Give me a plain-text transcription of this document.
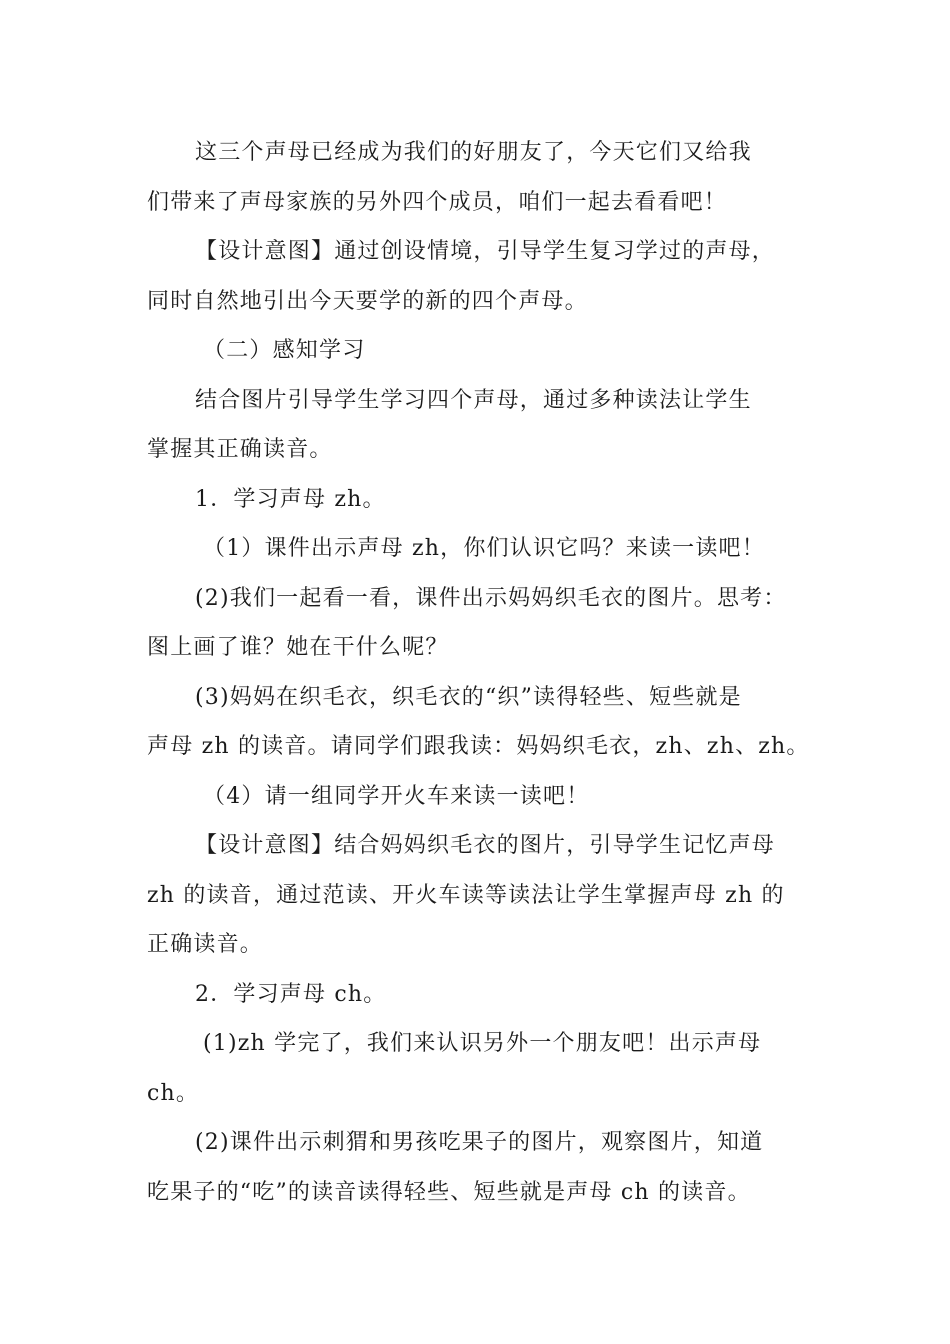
这三个声母已经成为我们的好朋友了，今天它们又给我
们带来了声母家族的另外四个成员，咱们一起去看看吧！
【设计意图】通过创设情境，引导学生复习学过的声母，
同时自然地引出今天要学的新的四个声母。
（二）感知学习
结合图片引导学生学习四个声母，通过多种读法让学生
掌握其正确读音。
1．学习声母 zh。
（1）课件出示声母 zh，你们认识它吗？来读一读吧！
(2)我们一起看一看，课件出示妈妈织毛衣的图片。思考：
图上画了谁？她在干什么呢？
(3)妈妈在织毛衣，织毛衣的“织”读得轻些、短些就是
声母 zh 的读音。请同学们跟我读：妈妈织毛衣，zh、zh、zh。
（4）请一组同学开火车来读一读吧！
【设计意图】结合妈妈织毛衣的图片，引导学生记忆声母
zh 的读音，通过范读、开火车读等读法让学生掌握声母 zh 的
正确读音。
2．学习声母 ch。
(1)zh 学完了，我们来认识另外一个朋友吧！出示声母
ch。
(2)课件出示刺猬和男孩吃果子的图片，观察图片，知道
吃果子的“吃”的读音读得轻些、短些就是声母 ch 的读音。
